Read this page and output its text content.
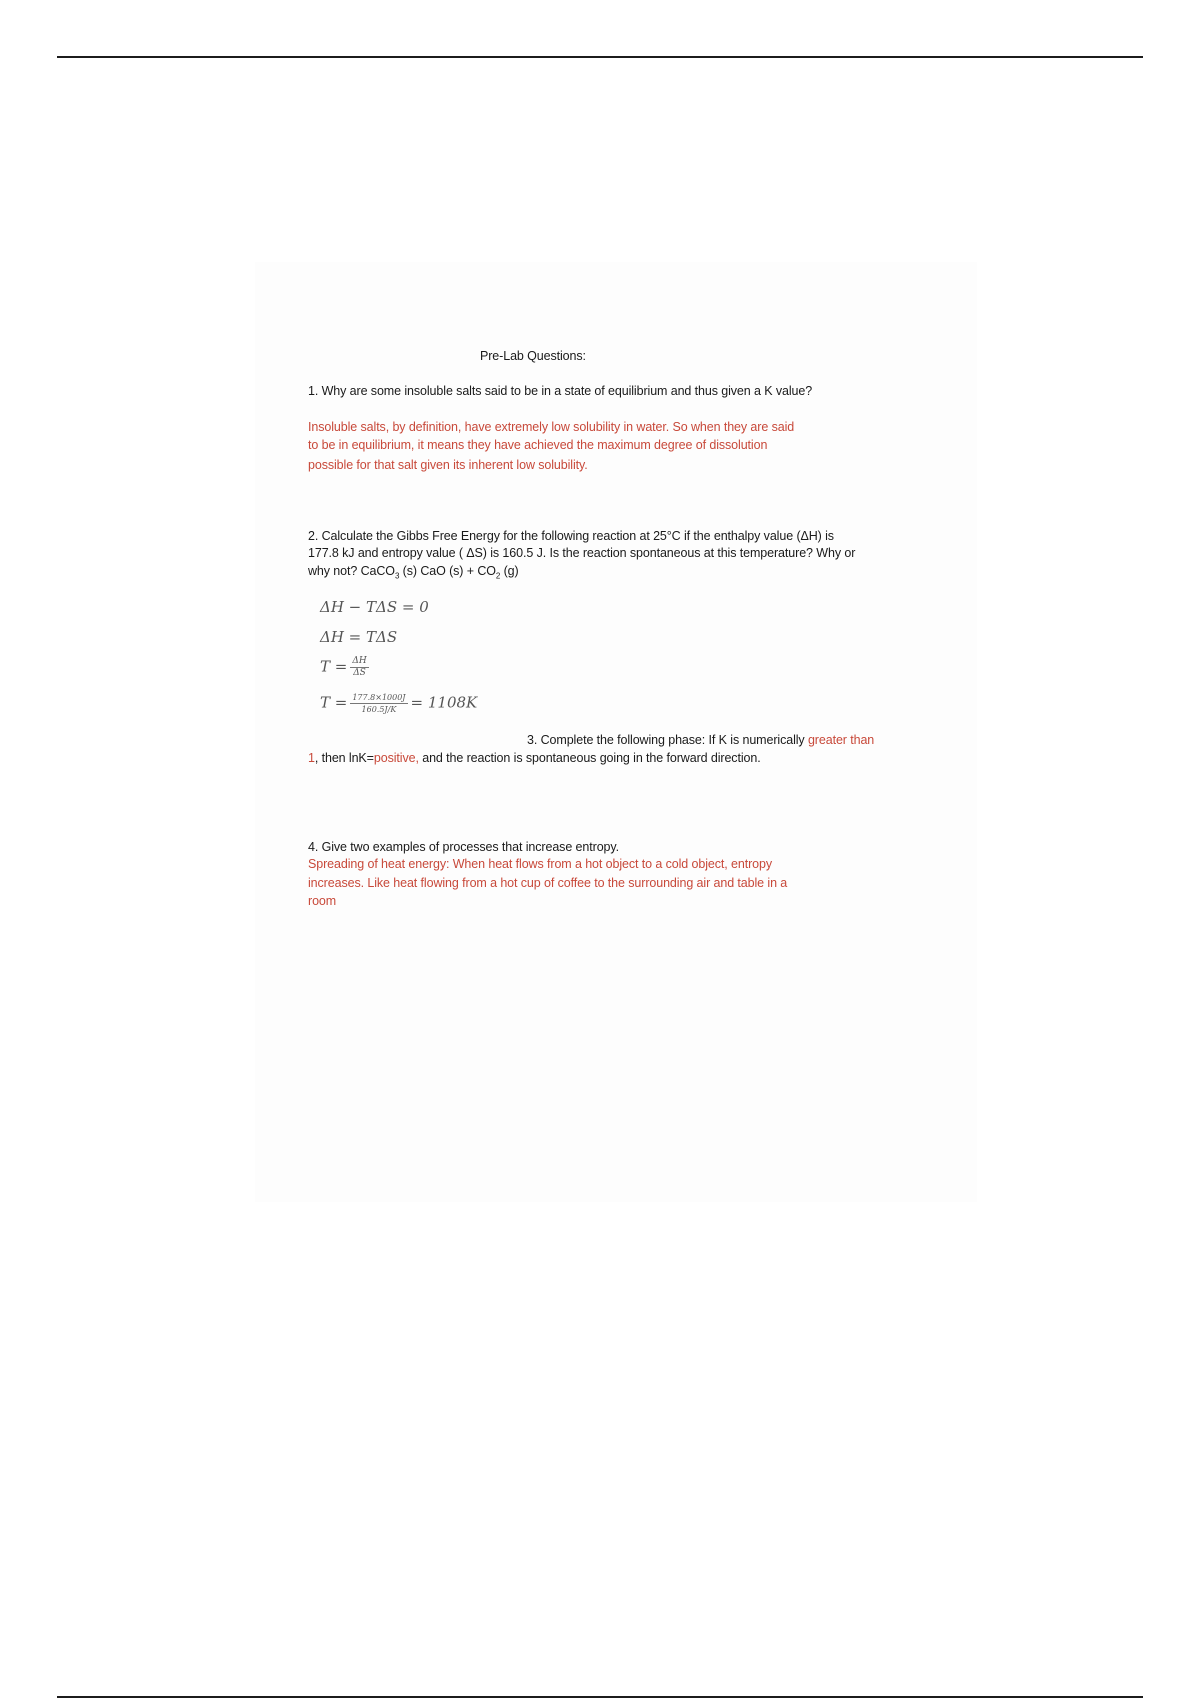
Pre-Lab Questions:
1. Why are some insoluble salts said to be in a state of equilibrium and thus given a K value?
Insoluble salts, by definition, have extremely low solubility in water. So when they are said
to be in equilibrium, it means they have achieved the maximum degree of dissolution
possible for that salt given its inherent low solubility.
2. Calculate the Gibbs Free Energy for the following reaction at 25°C if the enthalpy value (ΔH) is
177.8 kJ and entropy value ( ΔS) is 160.5 J. Is the reaction spontaneous at this temperature? Why or
why not? CaCO$_3$ (s) CaO $(s) + CO_2$ (g)
ΔH − TΔS = 0
ΔH = TΔS
$T = \frac{\Delta H}{\Delta S}$
$T = \frac{177.8\times 1000J}{160.5J/K} = 1108K$
3. Complete the following phase: If K is numerically greater than
1, then lnK=positive, and the reaction is spontaneous going in the forward direction.
4. Give two examples of processes that increase entropy.
Spreading of heat energy: When heat flows from a hot object to a cold object, entropy
increases. Like heat flowing from a hot cup of coffee to the surrounding air and table in a
room
